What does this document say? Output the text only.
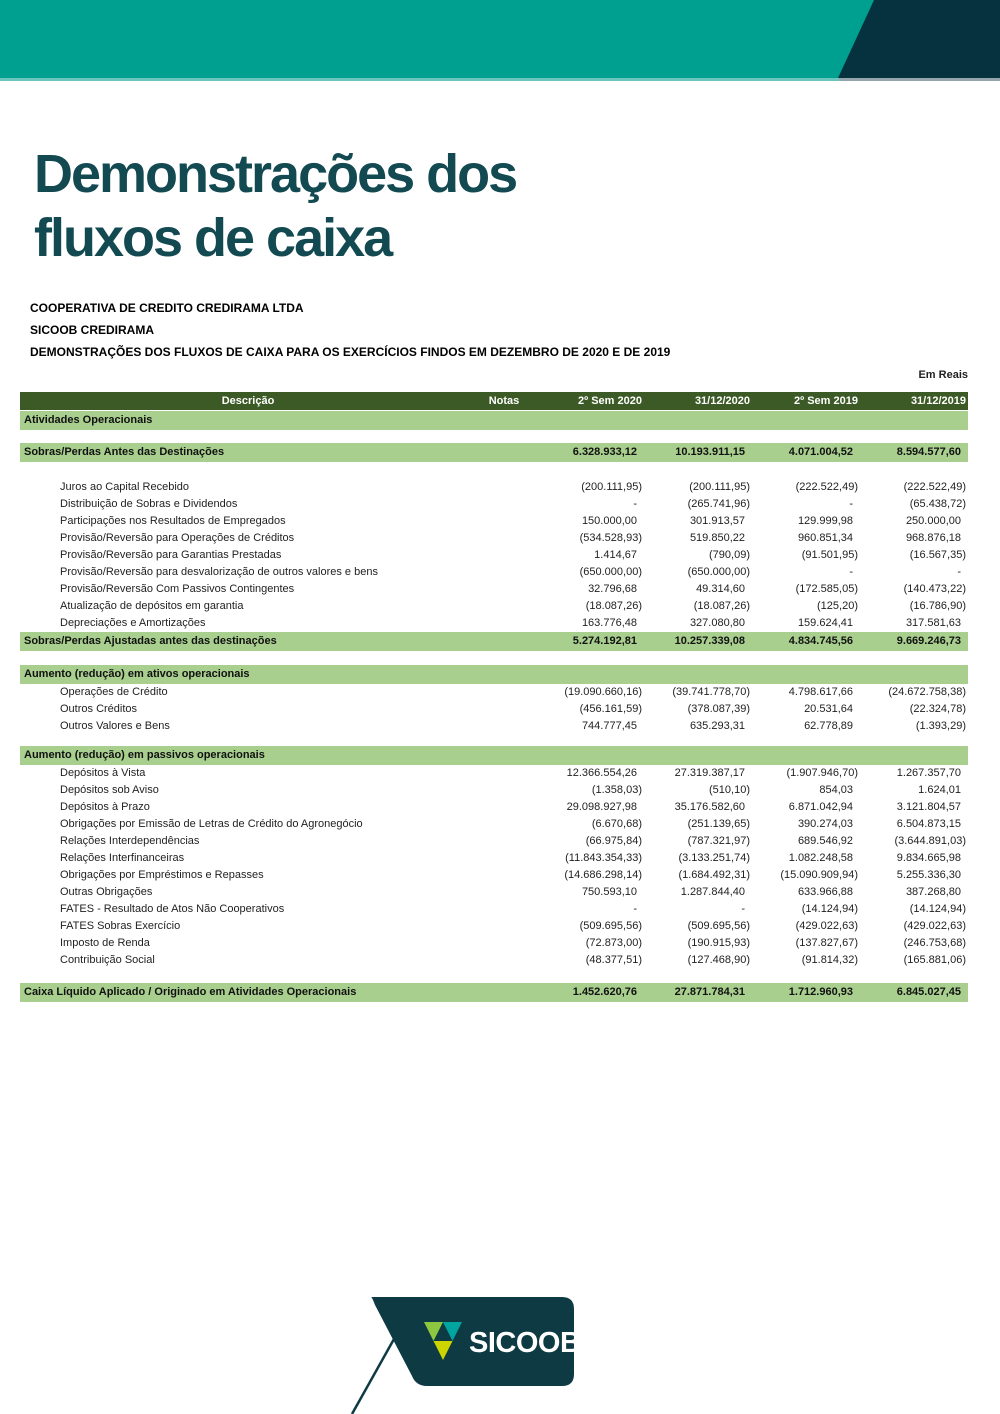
Demonstrações dos
fluxos de caixa
COOPERATIVA DE CREDITO CREDIRAMA LTDA
SICOOB CREDIRAMA
DEMONSTRAÇÕES DOS FLUXOS DE CAIXA PARA OS EXERCÍCIOS FINDOS EM DEZEMBRO DE 2020 E DE 2019
Em Reais
Descrição	Notas	2º Sem 2020	31/12/2020	2º Sem 2019	31/12/2019
Atividades Operacionais
Sobras/Perdas Antes das Destinações	6.328.933,12	10.193.911,15	4.071.004,52	8.594.577,60
Juros ao Capital Recebido	(200.111,95)	(200.111,95)	(222.522,49)	(222.522,49)
Distribuição de Sobras e Dividendos	-	(265.741,96)	-	(65.438,72)
Participações nos Resultados de Empregados	150.000,00	301.913,57	129.999,98	250.000,00
Provisão/Reversão para Operações de Créditos	(534.528,93)	519.850,22	960.851,34	968.876,18
Provisão/Reversão para Garantias Prestadas	1.414,67	(790,09)	(91.501,95)	(16.567,35)
Provisão/Reversão para desvalorização de outros valores e bens	(650.000,00)	(650.000,00)	-	-
Provisão/Reversão Com Passivos Contingentes	32.796,68	49.314,60	(172.585,05)	(140.473,22)
Atualização de depósitos em garantia	(18.087,26)	(18.087,26)	(125,20)	(16.786,90)
Depreciações e Amortizações	163.776,48	327.080,80	159.624,41	317.581,63
Sobras/Perdas Ajustadas antes das destinações	5.274.192,81	10.257.339,08	4.834.745,56	9.669.246,73
Aumento (redução) em ativos operacionais
Operações de Crédito	(19.090.660,16)	(39.741.778,70)	4.798.617,66	(24.672.758,38)
Outros Créditos	(456.161,59)	(378.087,39)	20.531,64	(22.324,78)
Outros Valores e Bens	744.777,45	635.293,31	62.778,89	(1.393,29)
Aumento (redução) em passivos operacionais
Depósitos à Vista	12.366.554,26	27.319.387,17	(1.907.946,70)	1.267.357,70
Depósitos sob Aviso	(1.358,03)	(510,10)	854,03	1.624,01
Depósitos à Prazo	29.098.927,98	35.176.582,60	6.871.042,94	3.121.804,57
Obrigações por Emissão de Letras de Crédito do Agronegócio	(6.670,68)	(251.139,65)	390.274,03	6.504.873,15
Relações Interdependências	(66.975,84)	(787.321,97)	689.546,92	(3.644.891,03)
Relações Interfinanceiras	(11.843.354,33)	(3.133.251,74)	1.082.248,58	9.834.665,98
Obrigações por Empréstimos e Repasses	(14.686.298,14)	(1.684.492,31)	(15.090.909,94)	5.255.336,30
Outras Obrigações	750.593,10	1.287.844,40	633.966,88	387.268,80
FATES - Resultado de Atos Não Cooperativos	-	-	(14.124,94)	(14.124,94)
FATES Sobras Exercício	(509.695,56)	(509.695,56)	(429.022,63)	(429.022,63)
Imposto de Renda	(72.873,00)	(190.915,93)	(137.827,67)	(246.753,68)
Contribuição Social	(48.377,51)	(127.468,90)	(91.814,32)	(165.881,06)
Caixa Líquido Aplicado / Originado em Atividades Operacionais	1.452.620,76	27.871.784,31	1.712.960,93	6.845.027,45
SICOOB
